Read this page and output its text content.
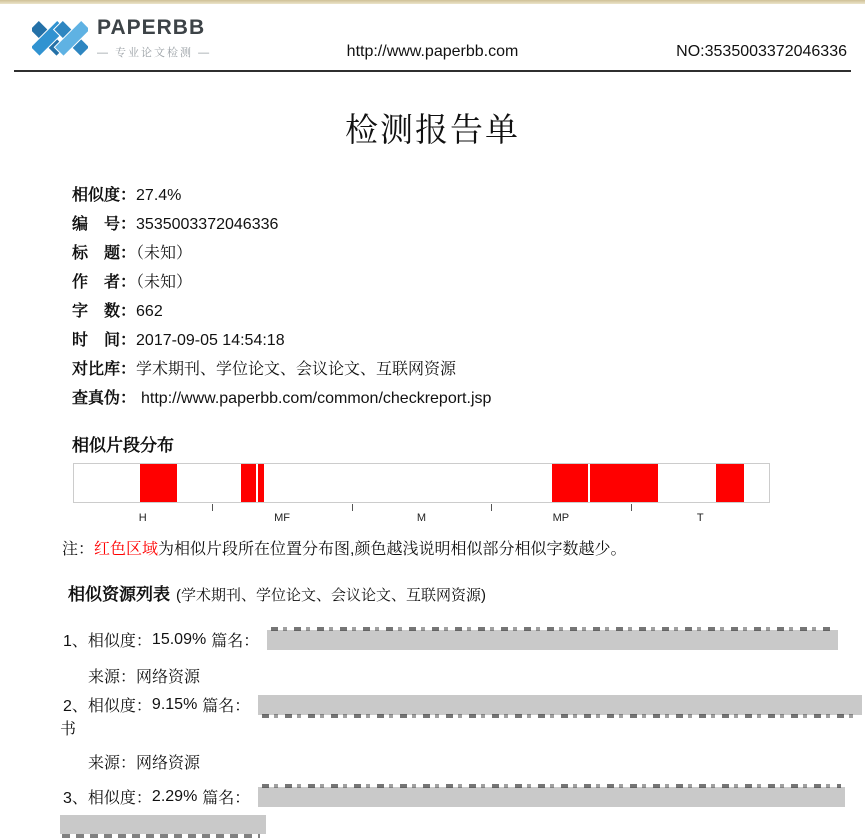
PAPERBB
— 专业论文检测 —	http://www.paperbb.com	NO:3535003372046336
检测报告单
相似度：27.4%
编　号：3535003372046336
标　题：（未知）
作　者：（未知）
字　数：662
时　间：2017-09-05 14:54:18
对比库：学术期刊、学位论文、会议论文、互联网资源
查真伪： http://www.paperbb.com/common/checkreport.jsp
相似片段分布
H	MF	M	MP	T
注：红色区域为相似片段所在位置分布图,颜色越浅说明相似部分相似字数越少。
相似资源列表 (学术期刊、学位论文、会议论文、互联网资源)
1、 相似度： 15.09% 篇名：
来源：网络资源
2、 相似度： 9.15% 篇名：
书
来源：网络资源
3、 相似度： 2.29% 篇名：
